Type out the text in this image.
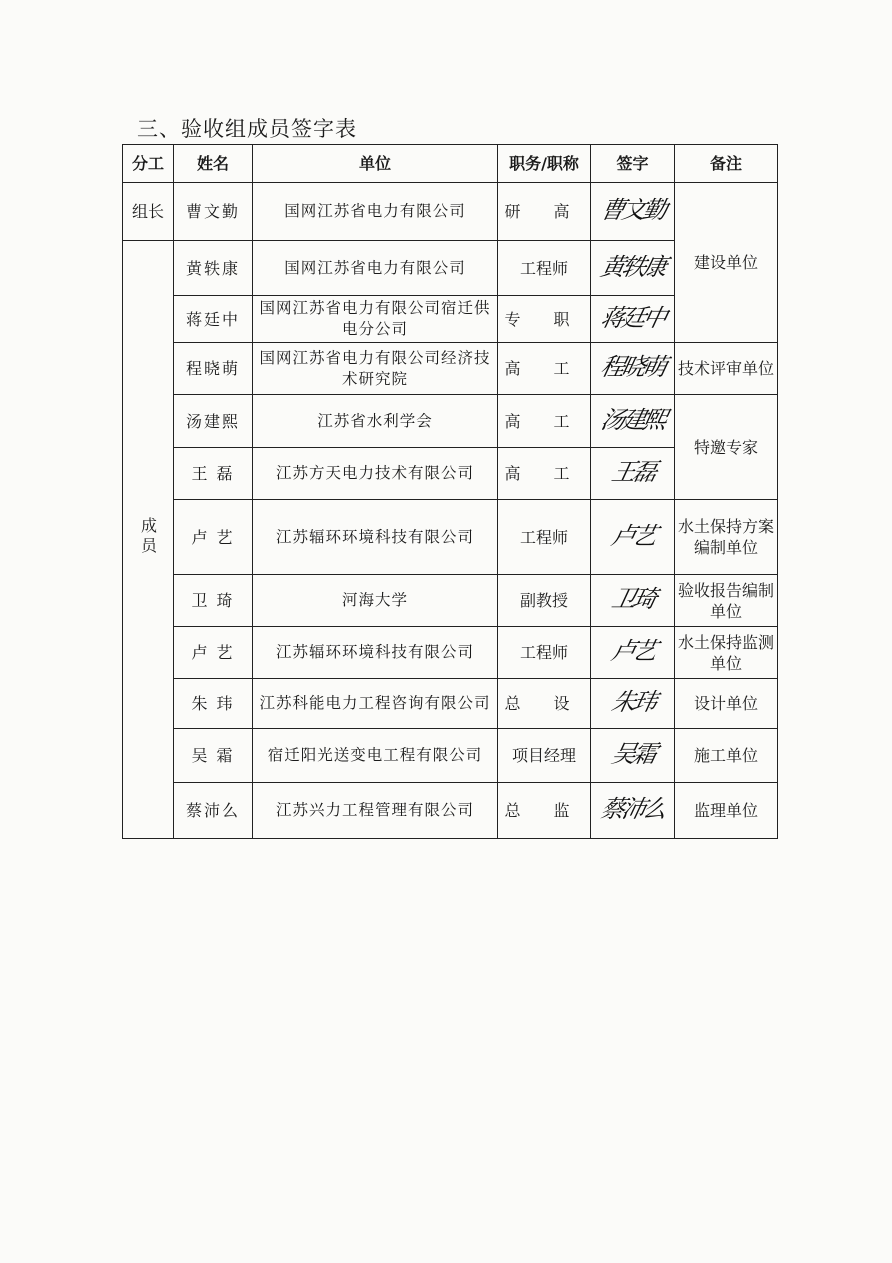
三、验收组成员签字表
分工	姓名	单位	职务/职称	签字	备注
组长	曹文勤	国网江苏省电力有限公司	研 高	曹文勤	建设单位
成员	黄轶康	国网江苏省电力有限公司	工程师	黄轶康	
	蒋廷中	国网江苏省电力有限公司宿迁供电分公司	专 职	蒋廷中	
	程晓萌	国网江苏省电力有限公司经济技术研究院	高 工	程晓萌	技术评审单位
	汤建熙	江苏省水利学会	高 工	汤建熙	特邀专家
	王 磊	江苏方天电力技术有限公司	高 工	王磊	
	卢 艺	江苏辐环环境科技有限公司	工程师	卢艺	水土保持方案编制单位
	卫 琦	河海大学	副教授	卫琦	验收报告编制单位
	卢 艺	江苏辐环环境科技有限公司	工程师	卢艺	水土保持监测单位
	朱 玮	江苏科能电力工程咨询有限公司	总 设	朱玮	设计单位
	吴 霜	宿迁阳光送变电工程有限公司	项目经理	吴霜	施工单位
	蔡沛么	江苏兴力工程管理有限公司	总 监	蔡沛么	监理单位
